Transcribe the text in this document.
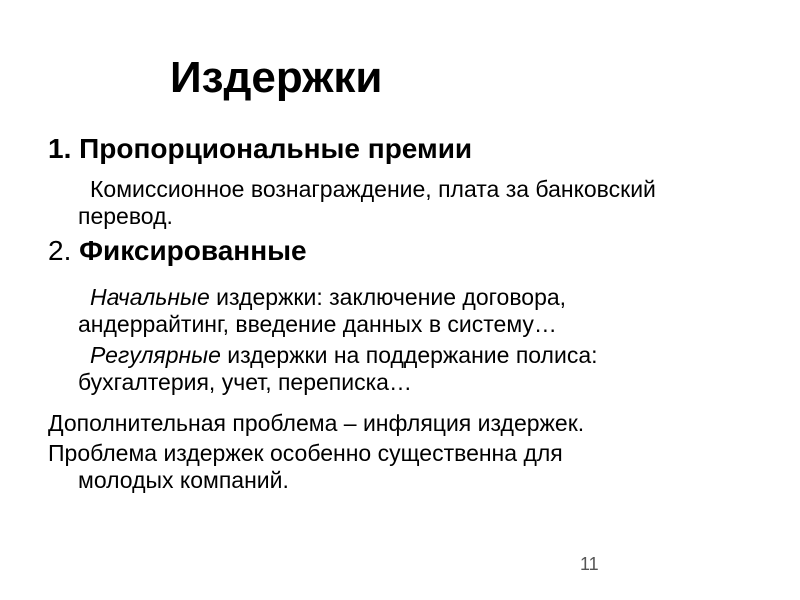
Издержки
1. Пропорциональные премии
Комиссионное вознаграждение, плата за банковский
перевод.
2. Фиксированные
Начальные издержки: заключение договора,
андеррайтинг, введение данных в систему…
Регулярные издержки на поддержание полиса:
бухгалтерия, учет, переписка…
Дополнительная проблема – инфляция издержек.
Проблема издержек особенно существенна для
молодых компаний.
11
